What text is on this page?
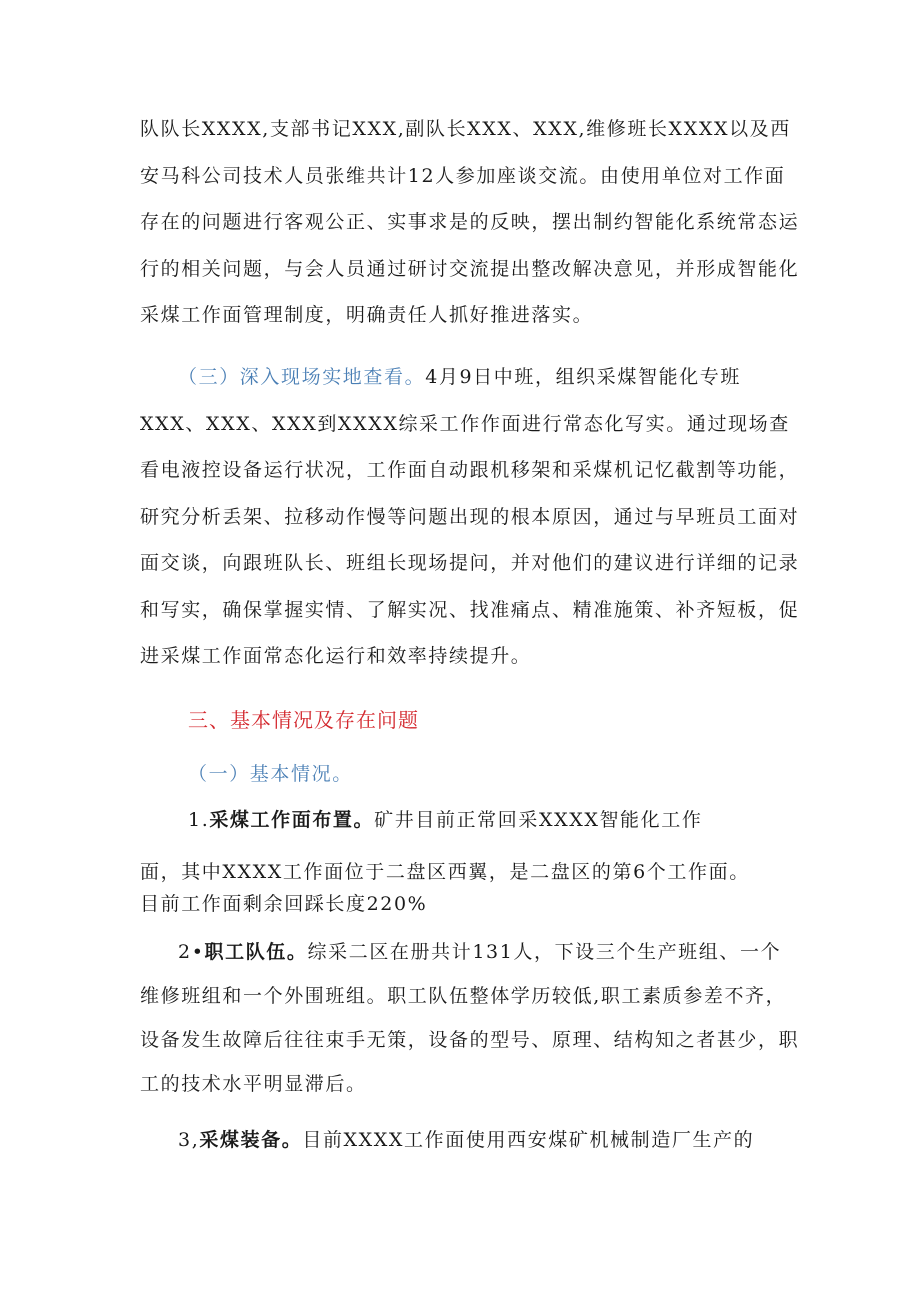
队队长XXXX,支部书记XXX,副队长XXX、XXX,维修班长XXXX以及西安马科公司技术人员张维共计12人参加座谈交流。由使用单位对工作面存在的问题进行客观公正、实事求是的反映，摆出制约智能化系统常态运行的相关问题，与会人员通过研讨交流提出整改解决意见，并形成智能化采煤工作面管理制度，明确责任人抓好推进落实。

（三）深入现场实地查看。4月9日中班，组织采煤智能化专班XXX、XXX、XXX到XXXX综采工作作面进行常态化写实。通过现场查看电液控设备运行状况，工作面自动跟机移架和采煤机记忆截割等功能，研究分析丢架、拉移动作慢等问题出现的根本原因，通过与早班员工面对面交谈，向跟班队长、班组长现场提问，并对他们的建议进行详细的记录和写实，确保掌握实情、了解实况、找准痛点、精准施策、补齐短板，促进采煤工作面常态化运行和效率持续提升。

三、基本情况及存在问题

（一）基本情况。

1.采煤工作面布置。矿井目前正常回采XXXX智能化工作

面，其中XXXX工作面位于二盘区西翼，是二盘区的第6个工作面。
目前工作面剩余回踩长度220%

2•职工队伍。综采二区在册共计131人，下设三个生产班组、一个维修班组和一个外围班组。职工队伍整体学历较低,职工素质参差不齐，设备发生故障后往往束手无策，设备的型号、原理、结构知之者甚少，职工的技术水平明显滞后。

3,采煤装备。目前XXXX工作面使用西安煤矿机械制造厂生产的
